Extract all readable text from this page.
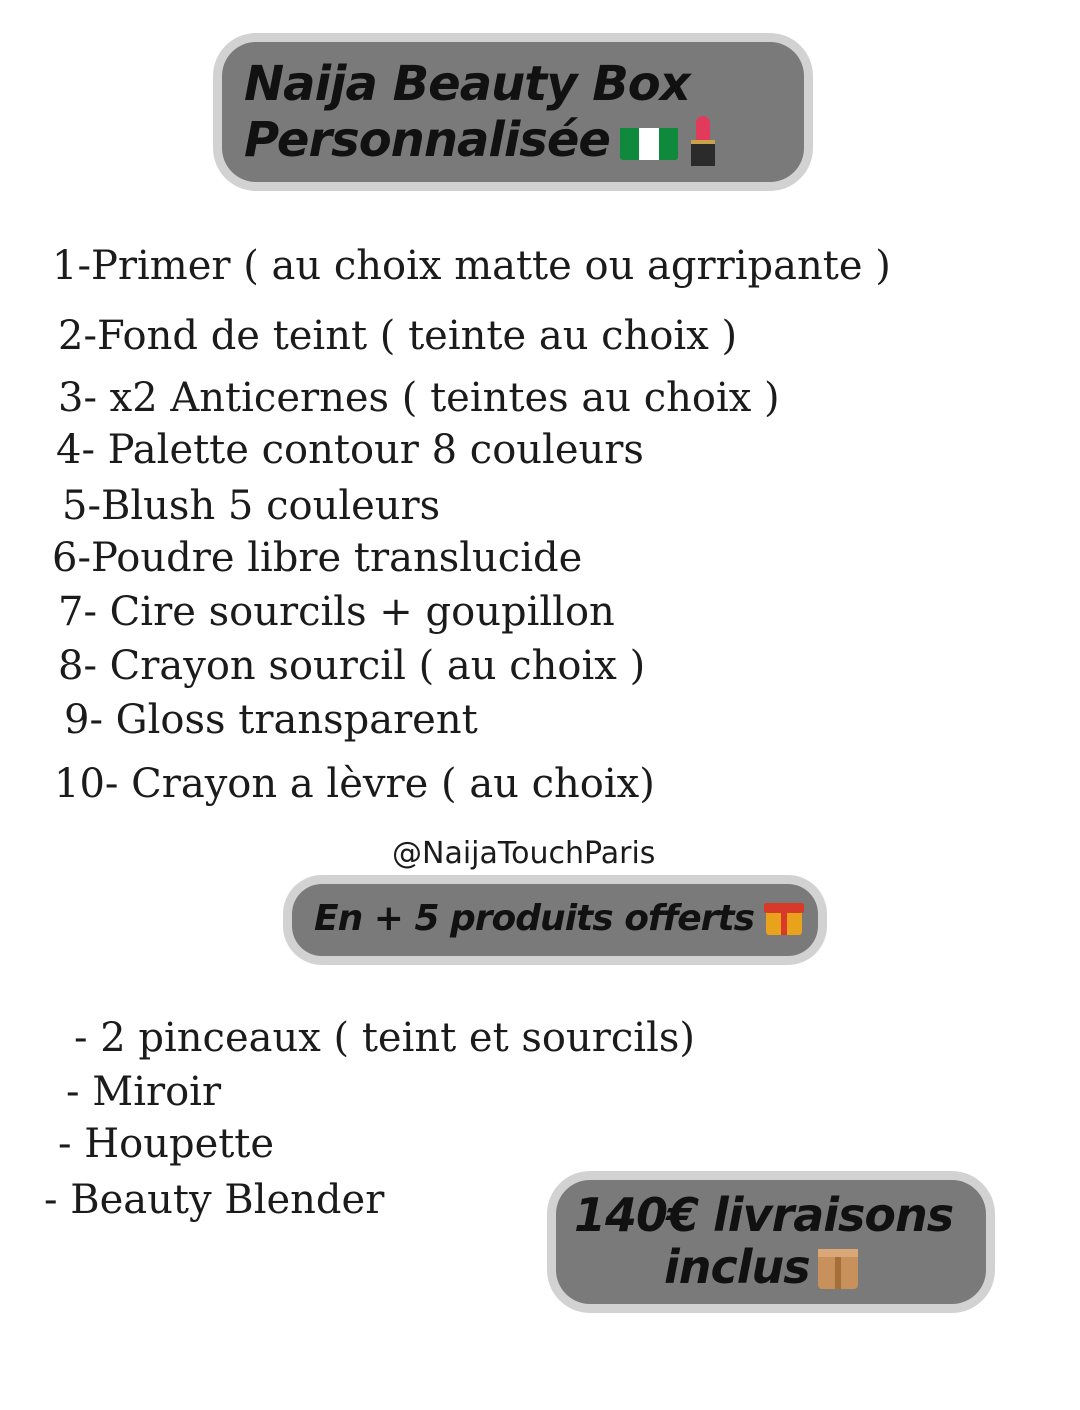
Naija Beauty Box
Personnalisée
1-Primer ( au choix matte ou agrripante )
2-Fond de teint ( teinte au choix )
3- x2 Anticernes ( teintes au choix )
4- Palette contour 8 couleurs
5-Blush 5 couleurs
6-Poudre libre translucide
7- Cire sourcils + goupillon
8- Crayon sourcil ( au choix )
9- Gloss transparent
10- Crayon a lèvre ( au choix)
@NaijaTouchParis
En + 5 produits offerts
- 2 pinceaux ( teint et sourcils)
- Miroir
- Houpette
- Beauty Blender	140€ livraisons
inclus
